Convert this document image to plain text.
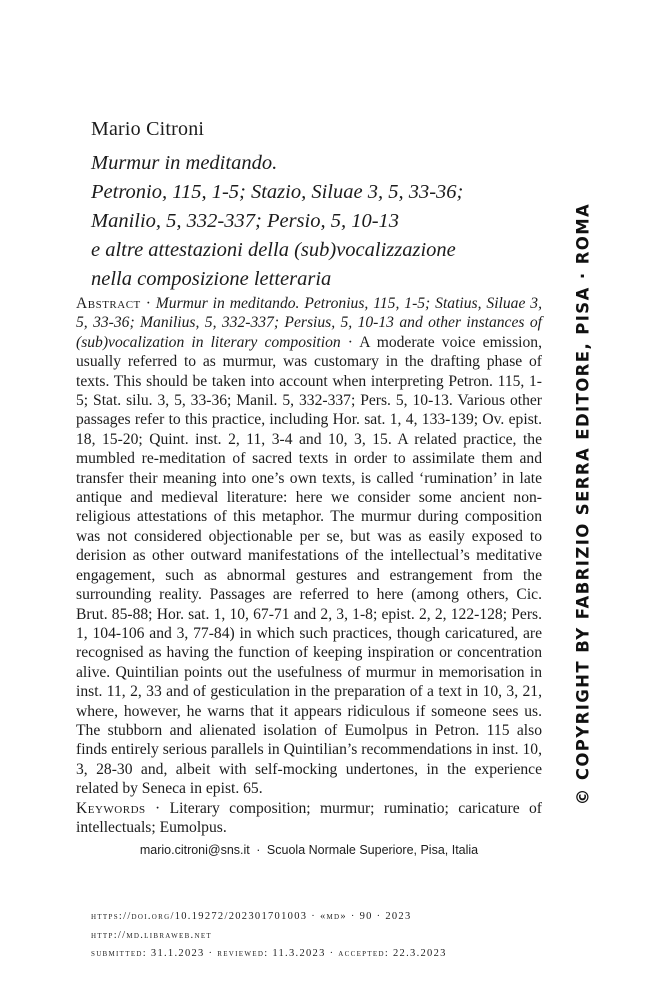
Mario Citroni
Murmur in meditando.
Petronio, 115, 1-5; Stazio, Siluae 3, 5, 33-36;
Manilio, 5, 332-337; Persio, 5, 10-13
e altre attestazioni della (sub)vocalizzazione
nella composizione letteraria

Abstract · Murmur in meditando. Petronius, 115, 1-5; Statius, Siluae 3, 5, 33-36; Manilius, 5, 332-337; Persius, 5, 10-13 and other instances of (sub)vocalization in literary composition · A moderate voice emission, usually referred to as murmur, was customary in the drafting phase of texts. This should be taken into account when interpreting Petron. 115, 1-5; Stat. silu. 3, 5, 33-36; Manil. 5, 332-337; Pers. 5, 10-13. Various other passages refer to this practice, including Hor. sat. 1, 4, 133-139; Ov. epist. 18, 15-20; Quint. inst. 2, 11, 3-4 and 10, 3, 15. A related practice, the mumbled re-meditation of sacred texts in order to assimilate them and transfer their meaning into one’s own texts, is called ‘rumination’ in late antique and medieval literature: here we consider some ancient non-religious attestations of this metaphor. The murmur during composition was not considered objectionable per se, but was as easily exposed to derision as other outward manifestations of the intellectual’s meditative engagement, such as abnormal gestures and estrangement from the surrounding reality. Passages are referred to here (among others, Cic. Brut. 85-88; Hor. sat. 1, 10, 67-71 and 2, 3, 1-8; epist. 2, 2, 122-128; Pers. 1, 104-106 and 3, 77-84) in which such practices, though caricatured, are recognised as having the function of keeping inspiration or concentration alive. Quintilian points out the usefulness of murmur in memorisation in inst. 11, 2, 33 and of gesticulation in the preparation of a text in 10, 3, 21, where, however, he warns that it appears ridiculous if someone sees us. The stubborn and alienated isolation of Eumolpus in Petron. 115 also finds entirely serious parallels in Quintilian’s recommendations in inst. 10, 3, 28-30 and, albeit with self-mocking undertones, in the experience related by Seneca in epist. 65.

Keywords · Literary composition; murmur; ruminatio; caricature of intellectuals; Eumolpus.

mario.citroni@sns.it · Scuola Normale Superiore, Pisa, Italia
https://doi.org/10.19272/202301701003 · «md» · 90 · 2023
http://md.libraweb.net
submitted: 31.1.2023 · reviewed: 11.3.2023 · accepted: 22.3.2023
© COPYRIGHT BY FABRIZIO SERRA EDITORE, PISA · ROMA
